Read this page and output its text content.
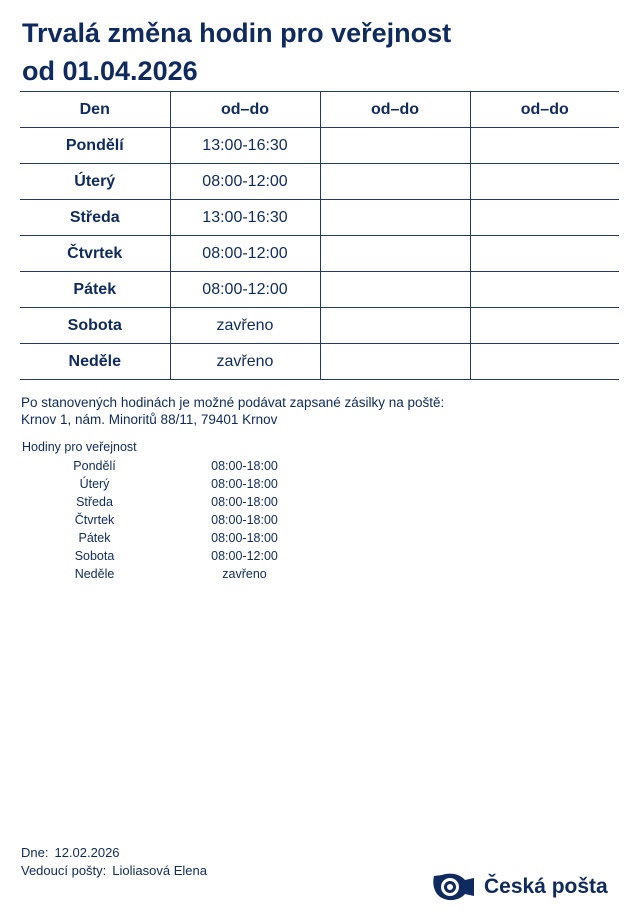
Trvalá změna hodin pro veřejnost
od 01.04.2026
Den	od–do	od–do	od–do
Pondělí	13:00-16:30		
Úterý	08:00-12:00		
Středa	13:00-16:30		
Čtvrtek	08:00-12:00		
Pátek	08:00-12:00		
Sobota	zavřeno		
Neděle	zavřeno		
Po stanovených hodinách je možné podávat zapsané zásilky na poště:
Krnov 1, nám. Minoritů 88/11, 79401 Krnov
Hodiny pro veřejnost
Pondělí	08:00-18:00
Úterý	08:00-18:00
Středa	08:00-18:00
Čtvrtek	08:00-18:00
Pátek	08:00-18:00
Sobota	08:00-12:00
Neděle	zavřeno
Dne: 12.02.2026
Vedoucí pošty: Lioliasová Elena
Česká pošta
